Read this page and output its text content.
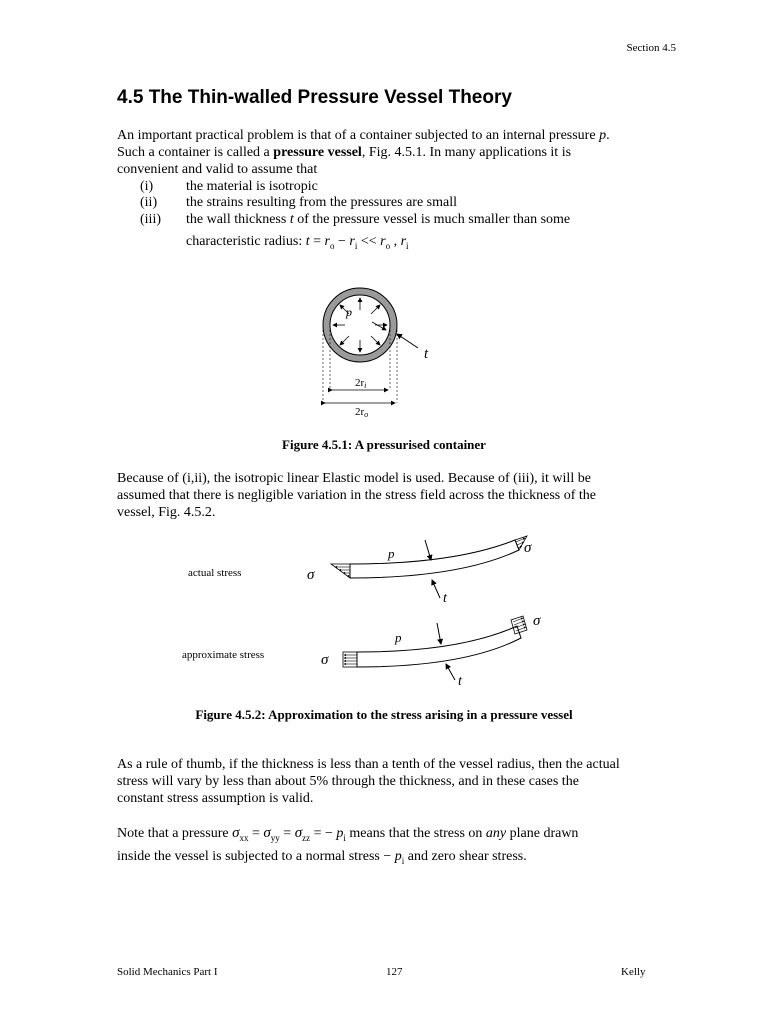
Section 4.5
4.5 The Thin-walled Pressure Vessel Theory
An important practical problem is that of a container subjected to an internal pressure p.
Such a container is called a pressure vessel, Fig. 4.5.1. In many applications it is
convenient and valid to assume that
(i) the material is isotropic
(ii) the strains resulting from the pressures are small
(iii) the wall thickness t of the pressure vessel is much smaller than some
characteristic radius: $t = r_o - r_i << r_o$ , $r_i$
p
t
2ri
2ro
Figure 4.5.1: A pressurised container
Because of (i,ii), the isotropic linear Elastic model is used. Because of (iii), it will be
assumed that there is negligible variation in the stress field across the thickness of the
vessel, Fig. 4.5.2.
actual stress
approximate stress
σ
σ
p
t
σ
σ
p
t
Figure 4.5.2: Approximation to the stress arising in a pressure vessel
As a rule of thumb, if the thickness is less than a tenth of the vessel radius, then the actual
stress will vary by less than about 5% through the thickness, and in these cases the
constant stress assumption is valid.
Note that a pressure $\sigma_{xx} = \sigma_{yy} = \sigma_{zz}$ = − $p_i$ means that the stress on any plane drawn
inside the vessel is subjected to a normal stress − $p_i$ and zero shear stress.
Solid Mechanics Part I	127	Kelly
